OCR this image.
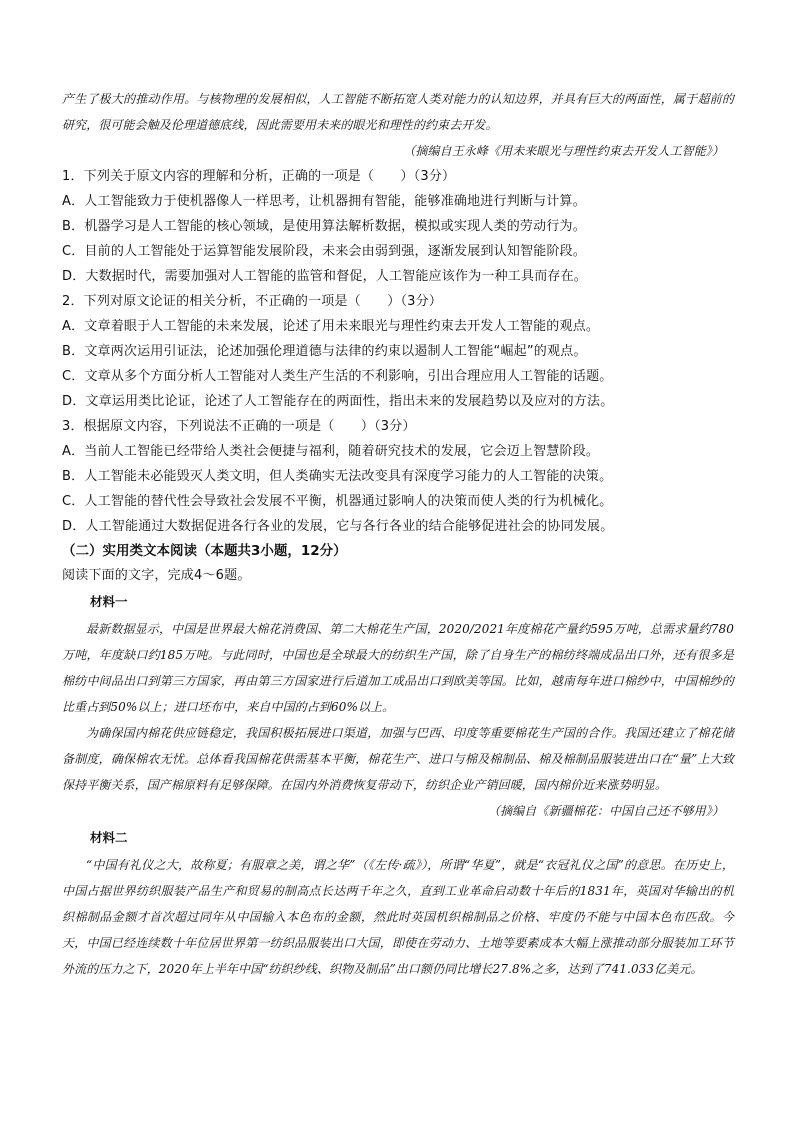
产生了极大的推动作用。与核物理的发展相似，人工智能不断拓宽人类对能力的认知边界，并具有巨大的两面性，属于超前的研究，很可能会触及伦理道德底线，因此需要用未来的眼光和理性的约束去开发。

（摘编自王永峰《用未来眼光与理性约束去开发人工智能》）

1．下列关于原文内容的理解和分析，正确的一项是（　　）（3分）

A．人工智能致力于使机器像人一样思考，让机器拥有智能，能够准确地进行判断与计算。

B．机器学习是人工智能的核心领域，是使用算法解析数据，模拟或实现人类的劳动行为。

C．目前的人工智能处于运算智能发展阶段，未来会由弱到强，逐渐发展到认知智能阶段。

D．大数据时代，需要加强对人工智能的监管和督促，人工智能应该作为一种工具而存在。

2．下列对原文论证的相关分析，不正确的一项是（　　）（3分）

A．文章着眼于人工智能的未来发展，论述了用未来眼光与理性约束去开发人工智能的观点。

B．文章两次运用引证法，论述加强伦理道德与法律的约束以遏制人工智能“崛起”的观点。

C．文章从多个方面分析人工智能对人类生产生活的不利影响，引出合理应用人工智能的话题。

D．文章运用类比论证，论述了人工智能存在的两面性，指出未来的发展趋势以及应对的方法。

3．根据原文内容，下列说法不正确的一项是（　　）（3分）

A．当前人工智能已经带给人类社会便捷与福利，随着研究技术的发展，它会迈上智慧阶段。

B．人工智能未必能毁灭人类文明，但人类确实无法改变具有深度学习能力的人工智能的决策。

C．人工智能的替代性会导致社会发展不平衡，机器通过影响人的决策而使人类的行为机械化。

D．人工智能通过大数据促进各行各业的发展，它与各行各业的结合能够促进社会的协同发展。

（二）实用类文本阅读（本题共3小题，12分）

阅读下面的文字，完成4～6题。

材料一

最新数据显示，中国是世界最大棉花消费国、第二大棉花生产国，2020/2021年度棉花产量约595万吨，总需求量约780万吨，年度缺口约185万吨。与此同时，中国也是全球最大的纺织生产国，除了自身生产的棉纺终端成品出口外，还有很多是棉纺中间品出口到第三方国家，再由第三方国家进行后道加工成品出口到欧美等国。比如，越南每年进口棉纱中，中国棉纱的比重占到50%以上；进口坯布中，来自中国的占到60%以上。

为确保国内棉花供应链稳定，我国积极拓展进口渠道，加强与巴西、印度等重要棉花生产国的合作。我国还建立了棉花储备制度，确保棉农无忧。总体看我国棉花供需基本平衡，棉花生产、进口与棉及棉制品、棉及棉制品服装进出口在“量”上大致保持平衡关系，国产棉原料有足够保障。在国内外消费恢复带动下，纺织企业产销回暖，国内棉价近来涨势明显。

（摘编自《新疆棉花：中国自己还不够用》）

材料二

“中国有礼仪之大，故称夏；有服章之美，谓之华”（《左传·疏》），所谓“华夏”，就是“衣冠礼仪之国”的意思。在历史上，中国占据世界纺织服装产品生产和贸易的制高点长达两千年之久，直到工业革命启动数十年后的1831年，英国对华输出的机织棉制品金额才首次超过同年从中国输入本色布的金额，然此时英国机织棉制品之价格、牢度仍不能与中国本色布匹敌。今天，中国已经连续数十年位居世界第一纺织品服装出口大国，即使在劳动力、土地等要素成本大幅上涨推动部分服装加工环节外流的压力之下，2020年上半年中国“纺织纱线、织物及制品”出口额仍同比增长27.8%之多，达到了741.033亿美元。
